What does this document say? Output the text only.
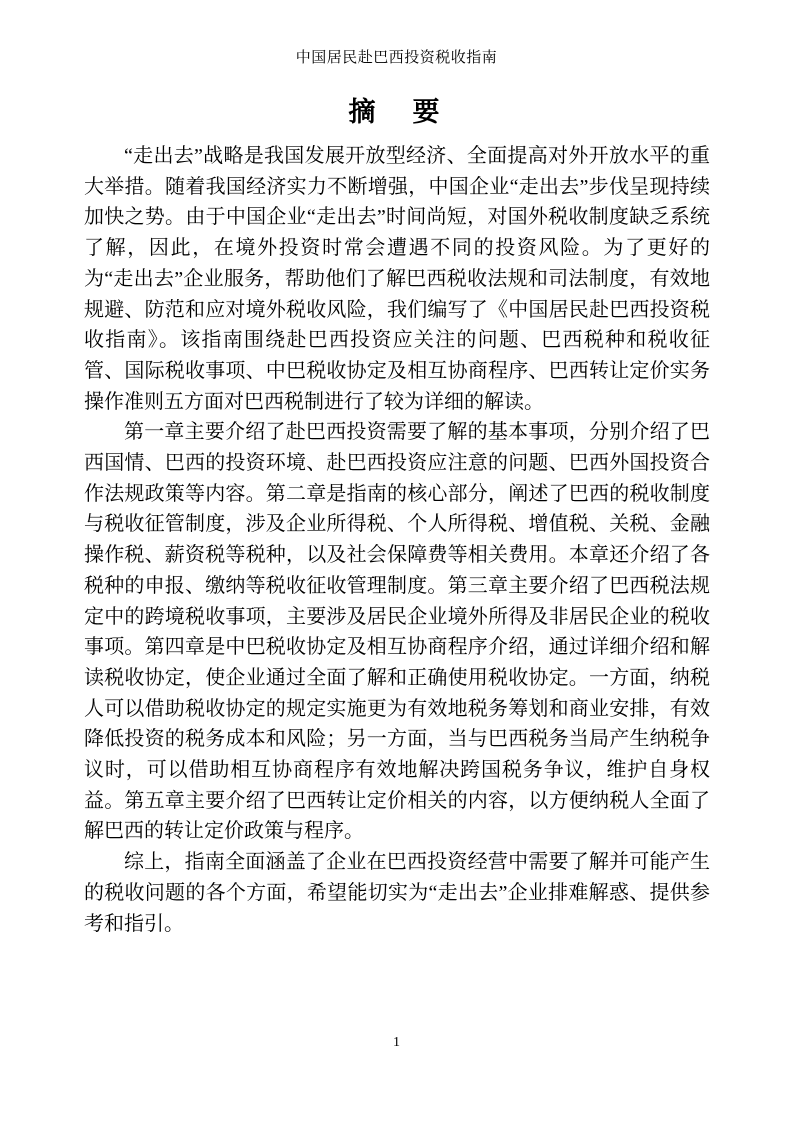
中国居民赴巴西投资税收指南
摘　要

“走出去”战略是我国发展开放型经济、全面提高对外开放水平的重大举措。随着我国经济实力不断增强，中国企业“走出去”步伐呈现持续加快之势。由于中国企业“走出去”时间尚短，对国外税收制度缺乏系统了解，因此，在境外投资时常会遭遇不同的投资风险。为了更好的为“走出去”企业服务，帮助他们了解巴西税收法规和司法制度，有效地规避、防范和应对境外税收风险，我们编写了《中国居民赴巴西投资税收指南》。该指南围绕赴巴西投资应关注的问题、巴西税种和税收征管、国际税收事项、中巴税收协定及相互协商程序、巴西转让定价实务操作准则五方面对巴西税制进行了较为详细的解读。

第一章主要介绍了赴巴西投资需要了解的基本事项，分别介绍了巴西国情、巴西的投资环境、赴巴西投资应注意的问题、巴西外国投资合作法规政策等内容。第二章是指南的核心部分，阐述了巴西的税收制度与税收征管制度，涉及企业所得税、个人所得税、增值税、关税、金融操作税、薪资税等税种，以及社会保障费等相关费用。本章还介绍了各税种的申报、缴纳等税收征收管理制度。第三章主要介绍了巴西税法规定中的跨境税收事项，主要涉及居民企业境外所得及非居民企业的税收事项。第四章是中巴税收协定及相互协商程序介绍，通过详细介绍和解读税收协定，使企业通过全面了解和正确使用税收协定。一方面，纳税人可以借助税收协定的规定实施更为有效地税务筹划和商业安排，有效降低投资的税务成本和风险；另一方面，当与巴西税务当局产生纳税争议时，可以借助相互协商程序有效地解决跨国税务争议，维护自身权益。第五章主要介绍了巴西转让定价相关的内容，以方便纳税人全面了解巴西的转让定价政策与程序。

综上，指南全面涵盖了企业在巴西投资经营中需要了解并可能产生的税收问题的各个方面，希望能切实为“走出去”企业排难解惑、提供参考和指引。

1
